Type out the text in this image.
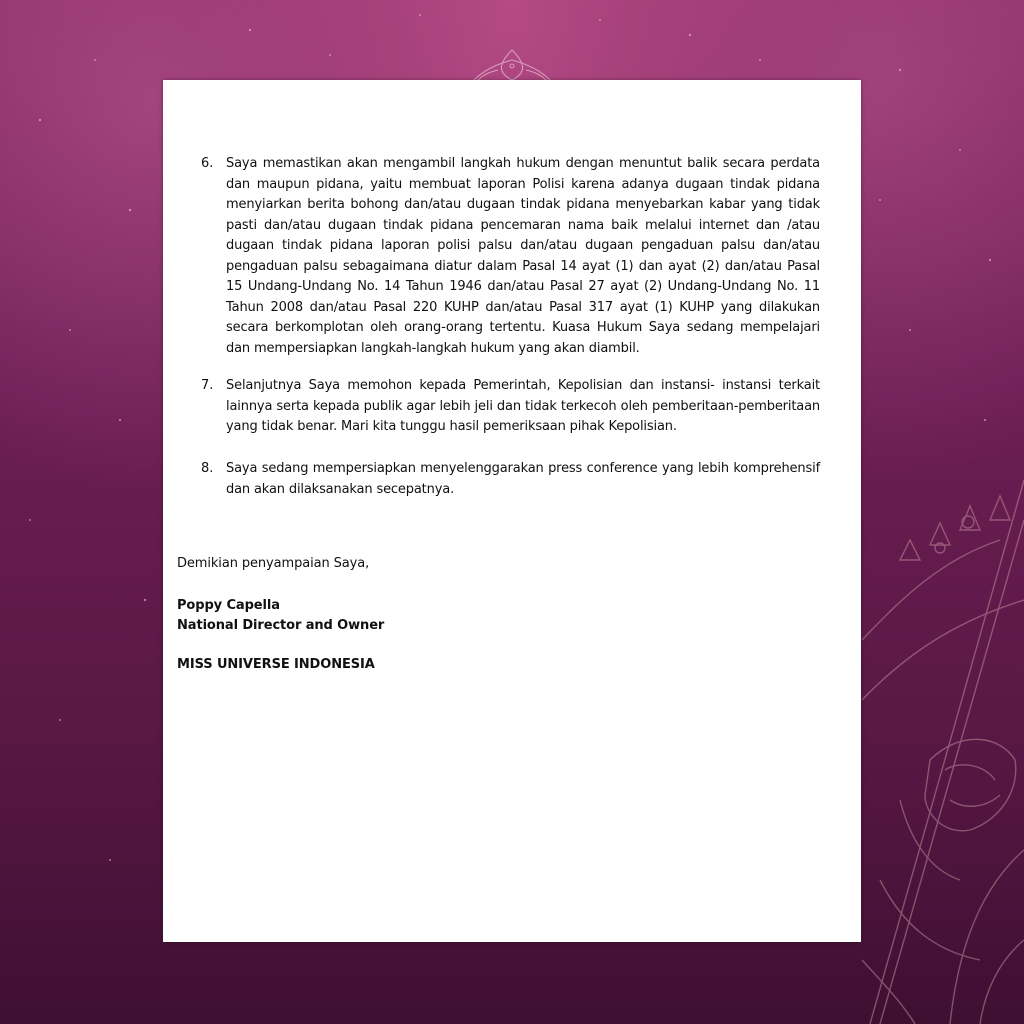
6. Saya memastikan akan mengambil langkah hukum dengan menuntut balik secara perdata dan maupun pidana, yaitu membuat laporan Polisi karena adanya dugaan tindak pidana menyiarkan berita bohong dan/atau dugaan tindak pidana menyebarkan kabar yang tidak pasti dan/atau dugaan tindak pidana pencemaran nama baik melalui internet dan /atau dugaan tindak pidana laporan polisi palsu dan/atau dugaan pengaduan palsu dan/atau pengaduan palsu sebagaimana diatur dalam Pasal 14 ayat (1) dan ayat (2) dan/atau Pasal 15 Undang-Undang No. 14 Tahun 1946 dan/atau Pasal 27 ayat (2) Undang-Undang No. 11 Tahun 2008 dan/atau Pasal 220 KUHP dan/atau Pasal 317 ayat (1) KUHP yang dilakukan secara berkomplotan oleh orang-orang tertentu. Kuasa Hukum Saya sedang mempelajari dan mempersiapkan langkah-langkah hukum yang akan diambil.
7. Selanjutnya Saya memohon kepada Pemerintah, Kepolisian dan instansi- instansi terkait lainnya serta kepada publik agar lebih jeli dan tidak terkecoh oleh pemberitaan-pemberitaan yang tidak benar. Mari kita tunggu hasil pemeriksaan pihak Kepolisian.
8. Saya sedang mempersiapkan menyelenggarakan press conference yang lebih komprehensif dan akan dilaksanakan secepatnya.
Demikian penyampaian Saya,
Poppy Capella
National Director and Owner
MISS UNIVERSE INDONESIA
